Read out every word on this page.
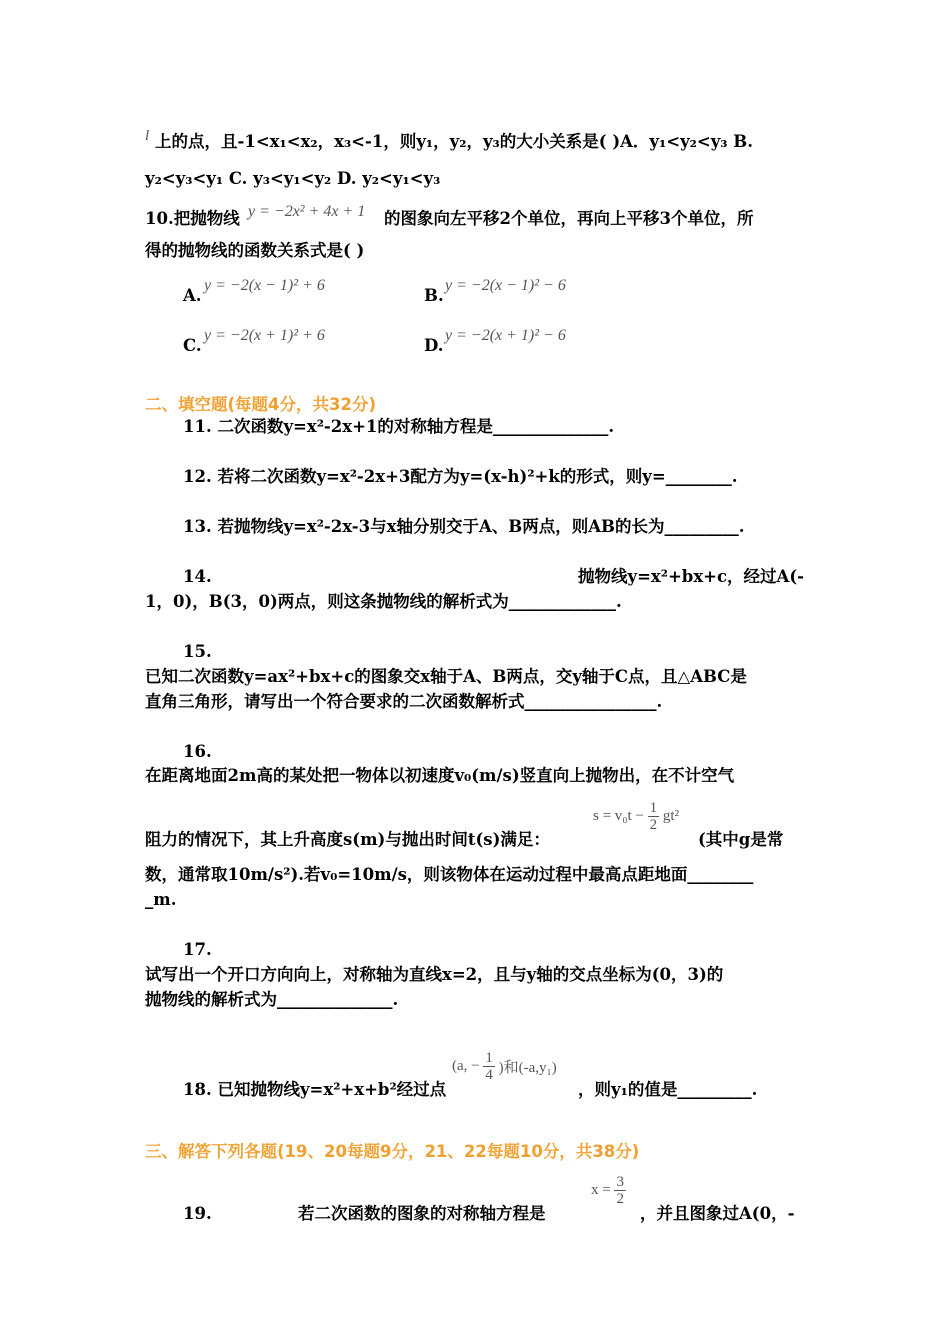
l 上的点，且-1<x₁<x₂，x₃<-1，则y₁，y₂，y₃的大小关系是( )A．y₁<y₂<y₃ B.
y₂<y₃<y₁ C. y₃<y₁<y₂ D. y₂<y₁<y₃
10.把抛物线 y = −2x² + 4x + 1 的图象向左平移2个单位，再向上平移3个单位，所
得的抛物线的函数关系式是( )
A.
y = −2(x − 1)² + 6
B.
y = −2(x − 1)² − 6
C.
y = −2(x + 1)² + 6
D.
y = −2(x + 1)² − 6
二、填空题(每题4分，共32分)
11. 二次函数y=x²-2x+1的对称轴方程是______________.
12. 若将二次函数y=x²-2x+3配方为y=(x-h)²+k的形式，则y=________.
13. 若抛物线y=x²-2x-3与x轴分别交于A、B两点，则AB的长为_________.
14.	抛物线y=x²+bx+c，经过A(-
1，0)，B(3，0)两点，则这条抛物线的解析式为_____________.
15.
已知二次函数y=ax²+bx+c的图象交x轴于A、B两点，交y轴于C点，且△ABC是
直角三角形，请写出一个符合要求的二次函数解析式________________.
16.
在距离地面2m高的某处把一物体以初速度v₀(m/s)竖直向上抛物出，在不计空气
阻力的情况下，其上升高度s(m)与抛出时间t(s)满足：
$s = v_0t - \frac{1}{2} gt^2$
(其中g是常
数，通常取10m/s²).若v₀=10m/s，则该物体在运动过程中最高点距地面________
_m.
17.
试写出一个开口方向向上，对称轴为直线x=2，且与y轴的交点坐标为(0，3)的
抛物线的解析式为______________.
18. 已知抛物线y=x²+x+b²经过点
(a, − $\frac{1}{4}$ )和(-a,y₁)
，则y₁的值是_________.
三、解答下列各题(19、20每题9分，21、22每题10分，共38分)
19.	若二次函数的图象的对称轴方程是
$x = \frac{3}{2}$
，并且图象过A(0，-
